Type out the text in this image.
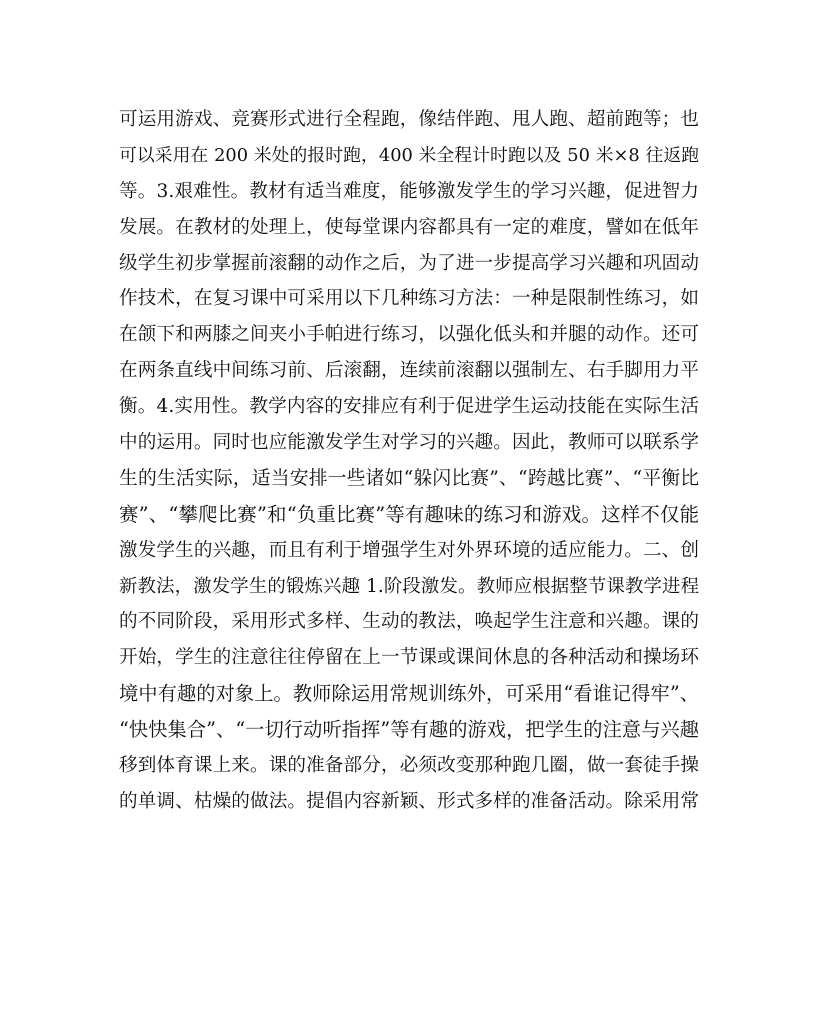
可运用游戏、竞赛形式进行全程跑，像结伴跑、甩人跑、超前跑等；也
可以采用在 200 米处的报时跑，400 米全程计时跑以及 50 米×8 往返跑
等。3.艰难性。教材有适当难度，能够激发学生的学习兴趣，促进智力
发展。在教材的处理上，使每堂课内容都具有一定的难度，譬如在低年
级学生初步掌握前滚翻的动作之后，为了进一步提高学习兴趣和巩固动
作技术，在复习课中可采用以下几种练习方法：一种是限制性练习，如
在颌下和两膝之间夹小手帕进行练习，以强化低头和并腿的动作。还可
在两条直线中间练习前、后滚翻，连续前滚翻以强制左、右手脚用力平
衡。4.实用性。教学内容的安排应有利于促进学生运动技能在实际生活
中的运用。同时也应能激发学生对学习的兴趣。因此，教师可以联系学
生的生活实际，适当安排一些诸如“躲闪比赛”、“跨越比赛”、“平衡比
赛”、“攀爬比赛”和“负重比赛”等有趣味的练习和游戏。这样不仅能
激发学生的兴趣，而且有利于增强学生对外界环境的适应能力。二、创
新教法，激发学生的锻炼兴趣 1.阶段激发。教师应根据整节课教学进程
的不同阶段，采用形式多样、生动的教法，唤起学生注意和兴趣。课的
开始，学生的注意往往停留在上一节课或课间休息的各种活动和操场环
境中有趣的对象上。教师除运用常规训练外，可采用“看谁记得牢”、
“快快集合”、“一切行动听指挥”等有趣的游戏，把学生的注意与兴趣
移到体育课上来。课的准备部分，必须改变那种跑几圈，做一套徒手操
的单调、枯燥的做法。提倡内容新颖、形式多样的准备活动。除采用常
